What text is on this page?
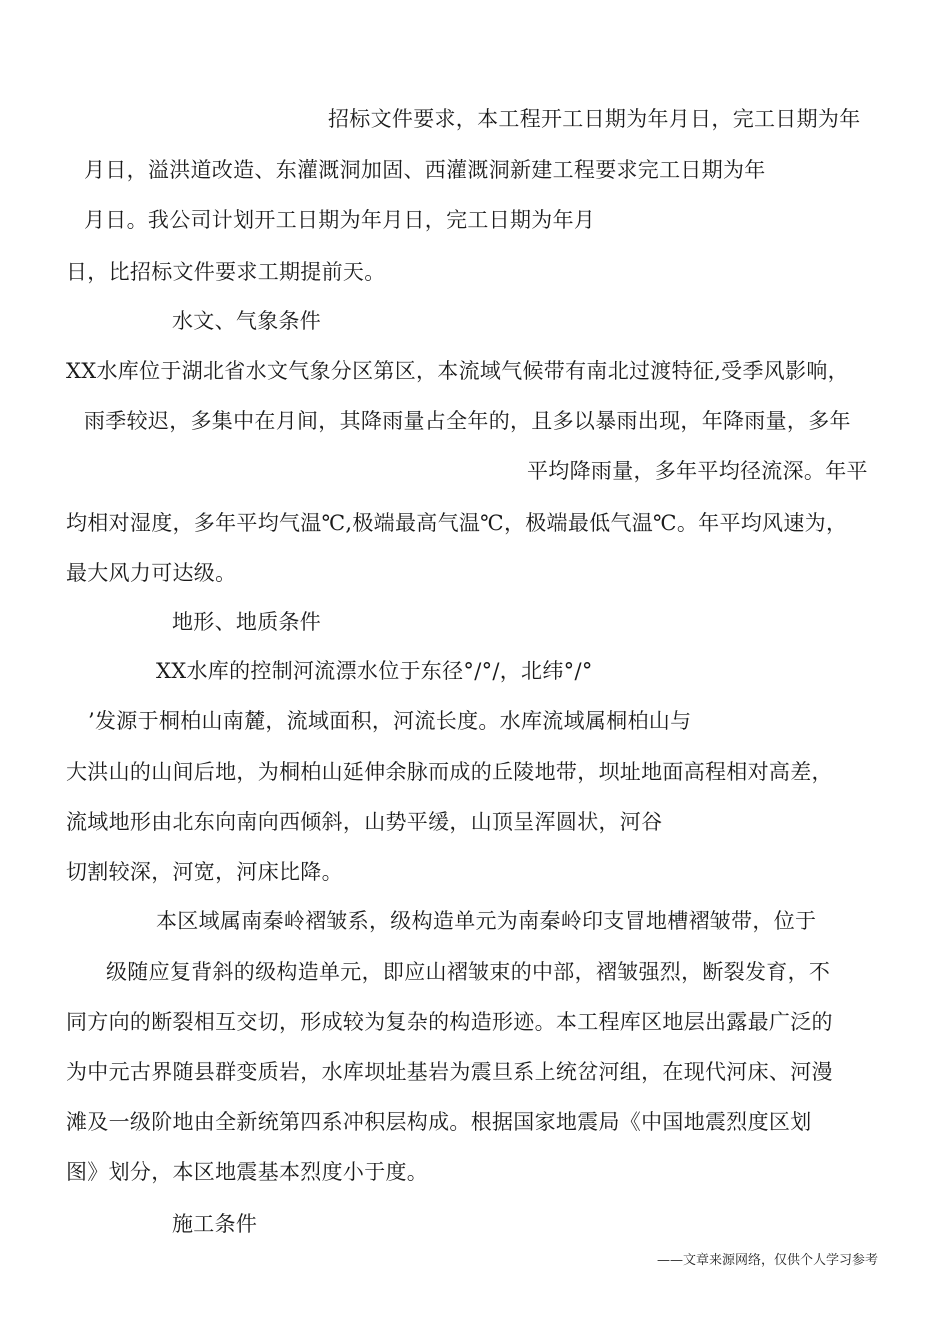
招标文件要求，本工程开工日期为年月日，完工日期为年
月日，溢洪道改造、东灌溉洞加固、西灌溉洞新建工程要求完工日期为年
月日。我公司计划开工日期为年月日，完工日期为年月
日，比招标文件要求工期提前天。
水文、气象条件
XX水库位于湖北省水文气象分区第区，本流域气候带有南北过渡特征,受季风影响，
雨季较迟，多集中在月间，其降雨量占全年的，且多以暴雨出现，年降雨量，多年
平均降雨量，多年平均径流深。年平
均相对湿度，多年平均气温℃,极端最高气温℃，极端最低气温℃。年平均风速为，
最大风力可达级。
地形、地质条件
XX水库的控制河流漂水位于东径°/°/，北纬°/°
’发源于桐柏山南麓，流域面积，河流长度。水库流域属桐柏山与
大洪山的山间后地，为桐柏山延伸余脉而成的丘陵地带，坝址地面高程相对高差，
流域地形由北东向南向西倾斜，山势平缓，山顶呈浑圆状，河谷
切割较深，河宽，河床比降。
本区域属南秦岭褶皱系，级构造单元为南秦岭印支冒地槽褶皱带，位于
级随应复背斜的级构造单元，即应山褶皱束的中部，褶皱强烈，断裂发育，不
同方向的断裂相互交切，形成较为复杂的构造形迹。本工程库区地层出露最广泛的
为中元古界随县群变质岩，水库坝址基岩为震旦系上统岔河组，在现代河床、河漫
滩及一级阶地由全新统第四系冲积层构成。根据国家地震局《中国地震烈度区划
图》划分，本区地震基本烈度小于度。
施工条件
——文章来源网络，仅供个人学习参考
